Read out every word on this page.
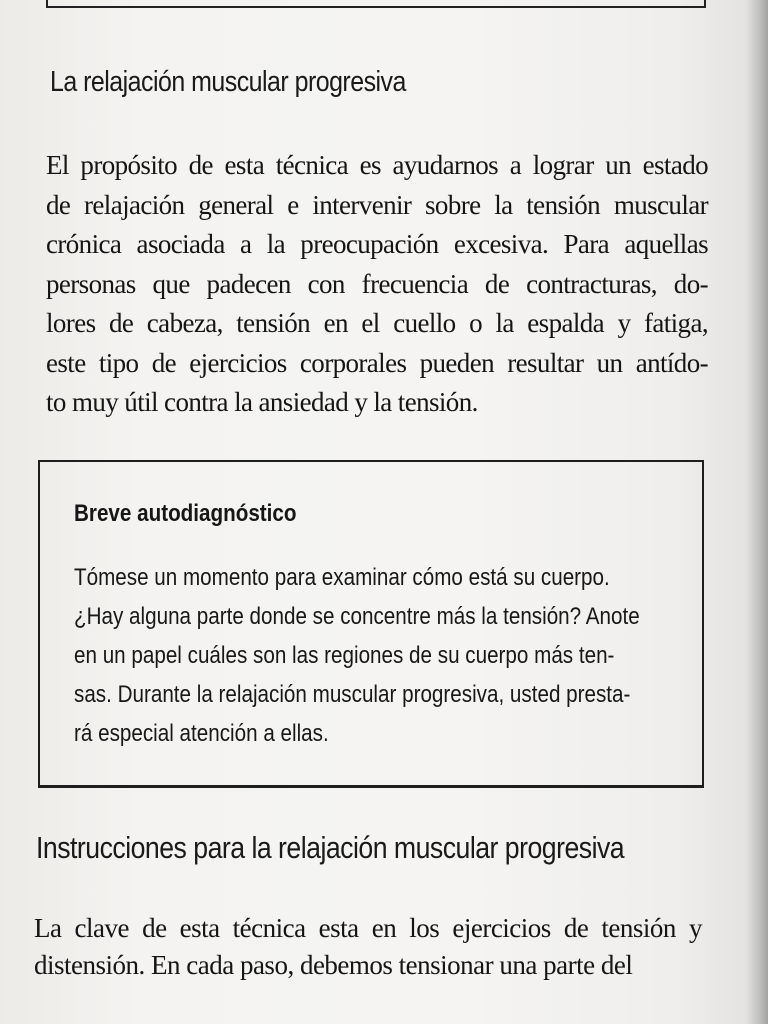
La relajación muscular progresiva

El propósito de esta técnica es ayudarnos a lograr un estado
de relajación general e intervenir sobre la tensión muscular
crónica asociada a la preocupación excesiva. Para aquellas
personas que padecen con frecuencia de contracturas, do-
lores de cabeza, tensión en el cuello o la espalda y fatiga,
este tipo de ejercicios corporales pueden resultar un antído-
to muy útil contra la ansiedad y la tensión.

Breve autodiagnóstico

Tómese un momento para examinar cómo está su cuerpo.
¿Hay alguna parte donde se concentre más la tensión? Anote
en un papel cuáles son las regiones de su cuerpo más ten-
sas. Durante la relajación muscular progresiva, usted presta-
rá especial atención a ellas.

Instrucciones para la relajación muscular progresiva

La clave de esta técnica esta en los ejercicios de tensión y
distensión. En cada paso, debemos tensionar una parte del
